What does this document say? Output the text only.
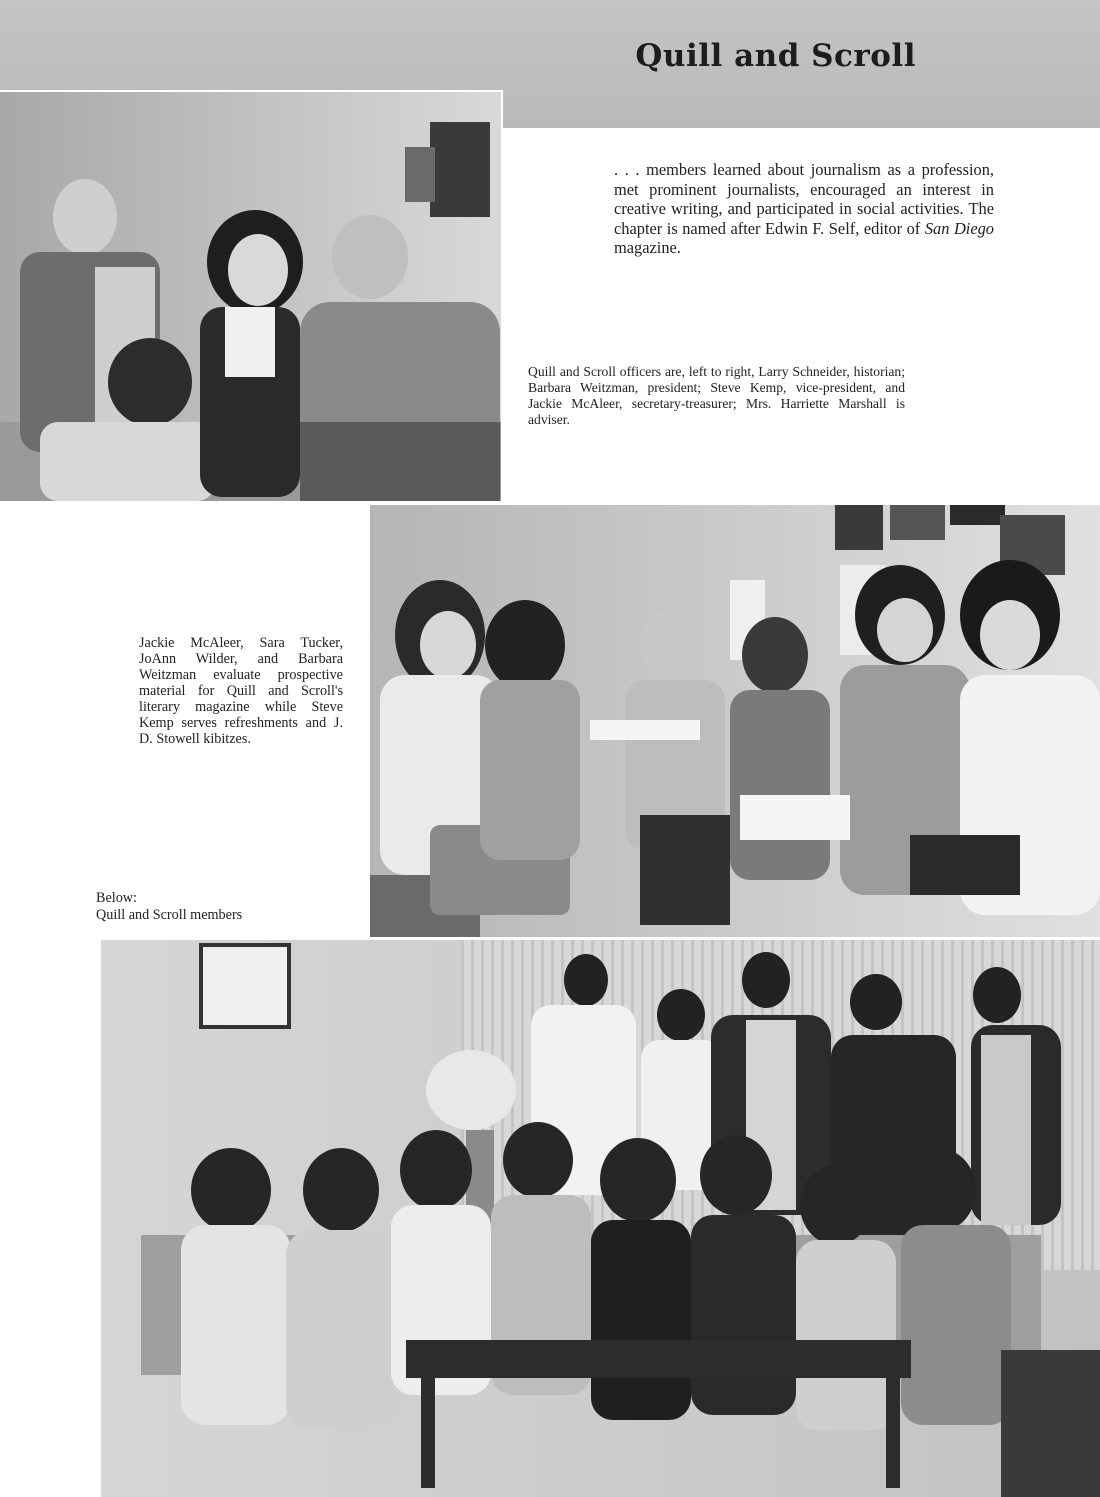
Quill and Scroll

. . . members learned about journalism as a profession, met prominent journalists, encouraged an interest in creative writing, and participated in social activities. The chapter is named after Edwin F. Self, editor of San Diego magazine.

Quill and Scroll officers are, left to right, Larry Schneider, historian; Barbara Weitzman, president; Steve Kemp, vice-president, and Jackie McAleer, secretary-treasurer; Mrs. Harriette Marshall is adviser.

Jackie McAleer, Sara Tucker, JoAnn Wilder, and Barbara Weitzman evaluate prospective material for Quill and Scroll's literary magazine while Steve Kemp serves refreshments and J. D. Stowell kibitzes.

Below:
Quill and Scroll members
